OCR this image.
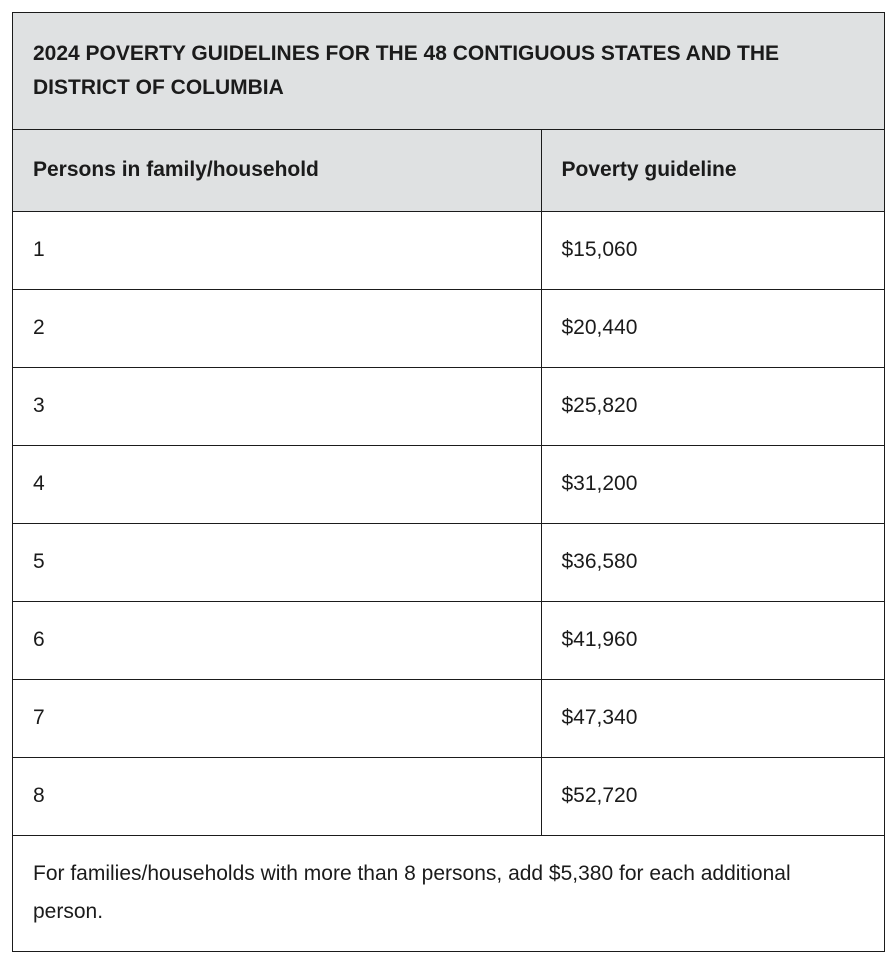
2024 POVERTY GUIDELINES FOR THE 48 CONTIGUOUS STATES AND THE DISTRICT OF COLUMBIA	
Persons in family/household	Poverty guideline
1	$15,060
2	$20,440
3	$25,820
4	$31,200
5	$36,580
6	$41,960
7	$47,340
8	$52,720
For families/households with more than 8 persons, add $5,380 for each additional person.	
